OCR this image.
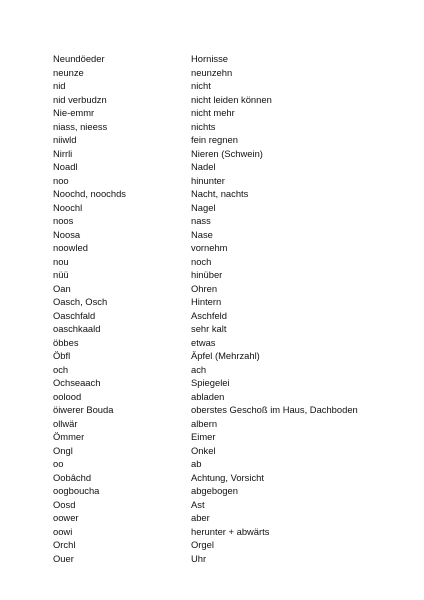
Neundöeder	Hornisse
neunze	neunzehn
nid	nicht
nid verbudzn	nicht leiden können
Nie-emmr	nicht mehr
niass, nieess	nichts
niiwld	fein regnen
Nirrli	Nieren (Schwein)
Noadl	Nadel
noo	hinunter
Noochd, noochds	Nacht, nachts
Noochl	Nagel
noos	nass
Noosa	Nase
noowled	vornehm
nou	noch
nüü	hinüber
Oan	Ohren
Oasch, Osch	Hintern
Oaschfald	Aschfeld
oaschkaald	sehr kalt
öbbes	etwas
Öbfl	Äpfel (Mehrzahl)
och	ach
Ochseaach	Spiegelei
oolood	abladen
öiwerer Bouda	oberstes Geschoß im Haus, Dachboden
ollwär	albern
Ömmer	Eimer
Ongl	Onkel
oo	ab
Oobâchd	Achtung, Vorsicht
oogboucha	abgebogen
Oosd	Ast
oower	aber
oowi	herunter + abwärts
Orchl	Orgel
Ouer	Uhr
